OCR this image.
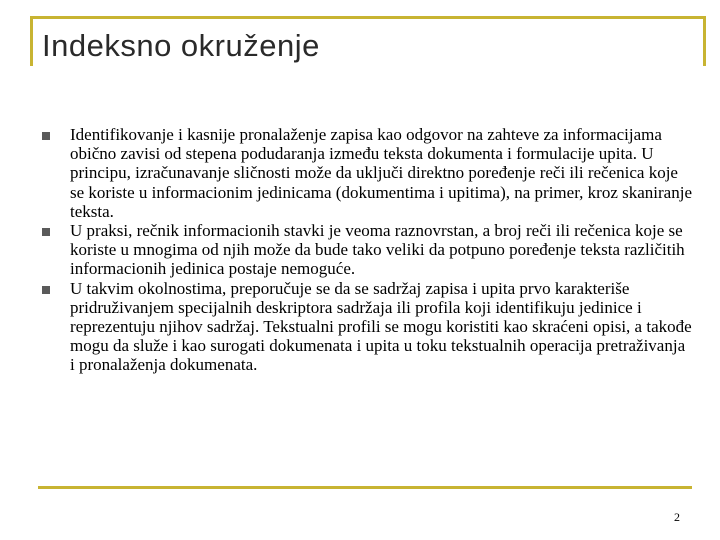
Indeksno okruženje
Identifikovanje i kasnije pronalaženje zapisa kao odgovor na zahteve za informacijama obično zavisi od stepena podudaranja između teksta dokumenta i formulacije upita. U principu, izračunavanje sličnosti može da uključi direktno poređenje reči ili rečenica koje se koriste u informacionim jedinicama (dokumentima i upitima), na primer, kroz skaniranje teksta.
U praksi, rečnik informacionih stavki je veoma raznovrstan, a broj reči ili rečenica koje se koriste u mnogima od njih može da bude tako veliki da potpuno poređenje teksta različitih informacionih jedinica postaje nemoguće.
U takvim okolnostima, preporučuje se da se sadržaj zapisa i upita prvo karakteriše pridruživanjem specijalnih deskriptora sadržaja ili profila koji identifikuju jedinice i reprezentuju njihov sadržaj. Tekstualni profili se mogu koristiti kao skraćeni opisi, a takođe mogu da služe i kao surogati dokumenata i upita u toku tekstualnih operacija pretraživanja i pronalaženja dokumenata.
2
